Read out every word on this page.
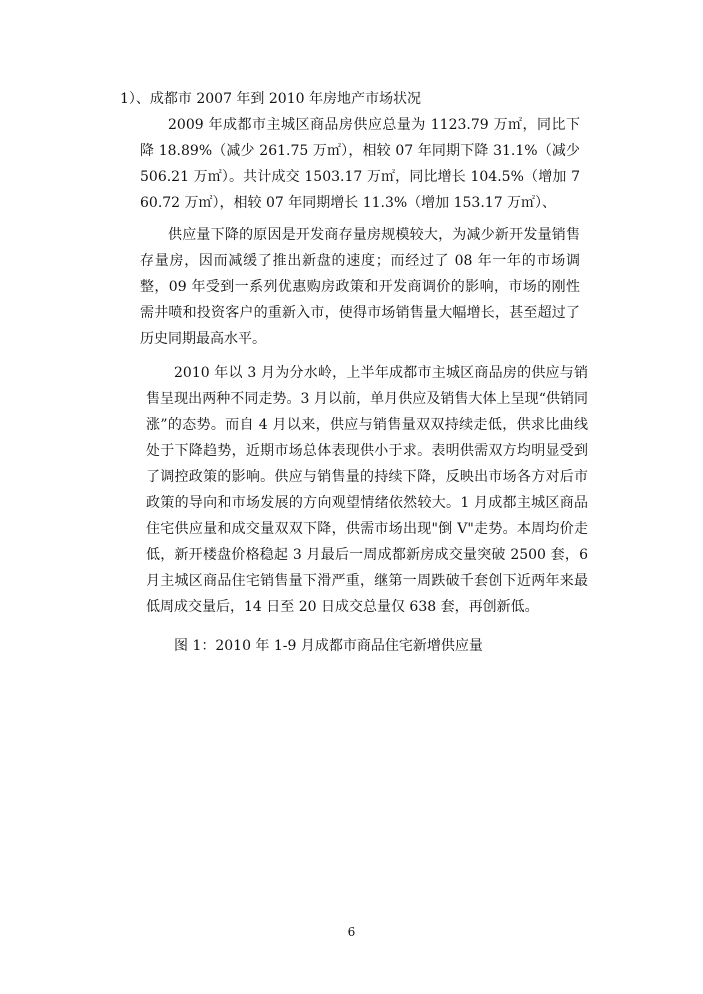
1）、成都市 2007 年到 2010 年房地产市场状况

2009 年成都市主城区商品房供应总量为 1123.79 万㎡，同比下降 18.89%（减少 261.75 万㎡），相较 07 年同期下降 31.1%（减少 506.21 万㎡）。共计成交 1503.17 万㎡，同比增长 104.5%（增加 760.72 万㎡），相较 07 年同期增长 11.3%（增加 153.17 万㎡）、

供应量下降的原因是开发商存量房规模较大，为减少新开发量销售存量房，因而减缓了推出新盘的速度；而经过了 08 年一年的市场调整，09 年受到一系列优惠购房政策和开发商调价的影响，市场的刚性需井喷和投资客户的重新入市，使得市场销售量大幅增长，甚至超过了历史同期最高水平。

2010 年以 3 月为分水岭，上半年成都市主城区商品房的供应与销售呈现出两种不同走势。3 月以前，单月供应及销售大体上呈现“供销同涨”的态势。而自 4 月以来，供应与销售量双双持续走低，供求比曲线处于下降趋势，近期市场总体表现供小于求。表明供需双方均明显受到了调控政策的影响。供应与销售量的持续下降，反映出市场各方对后市政策的导向和市场发展的方向观望情绪依然较大。1 月成都主城区商品住宅供应量和成交量双双下降，供需市场出现"倒 V"走势。本周均价走低，新开楼盘价格稳起 3 月最后一周成都新房成交量突破 2500 套，6 月主城区商品住宅销售量下滑严重，继第一周跌破千套创下近两年来最低周成交量后，14 日至 20 日成交总量仅 638 套，再创新低。

图 1：2010 年 1-9 月成都市商品住宅新增供应量
6
